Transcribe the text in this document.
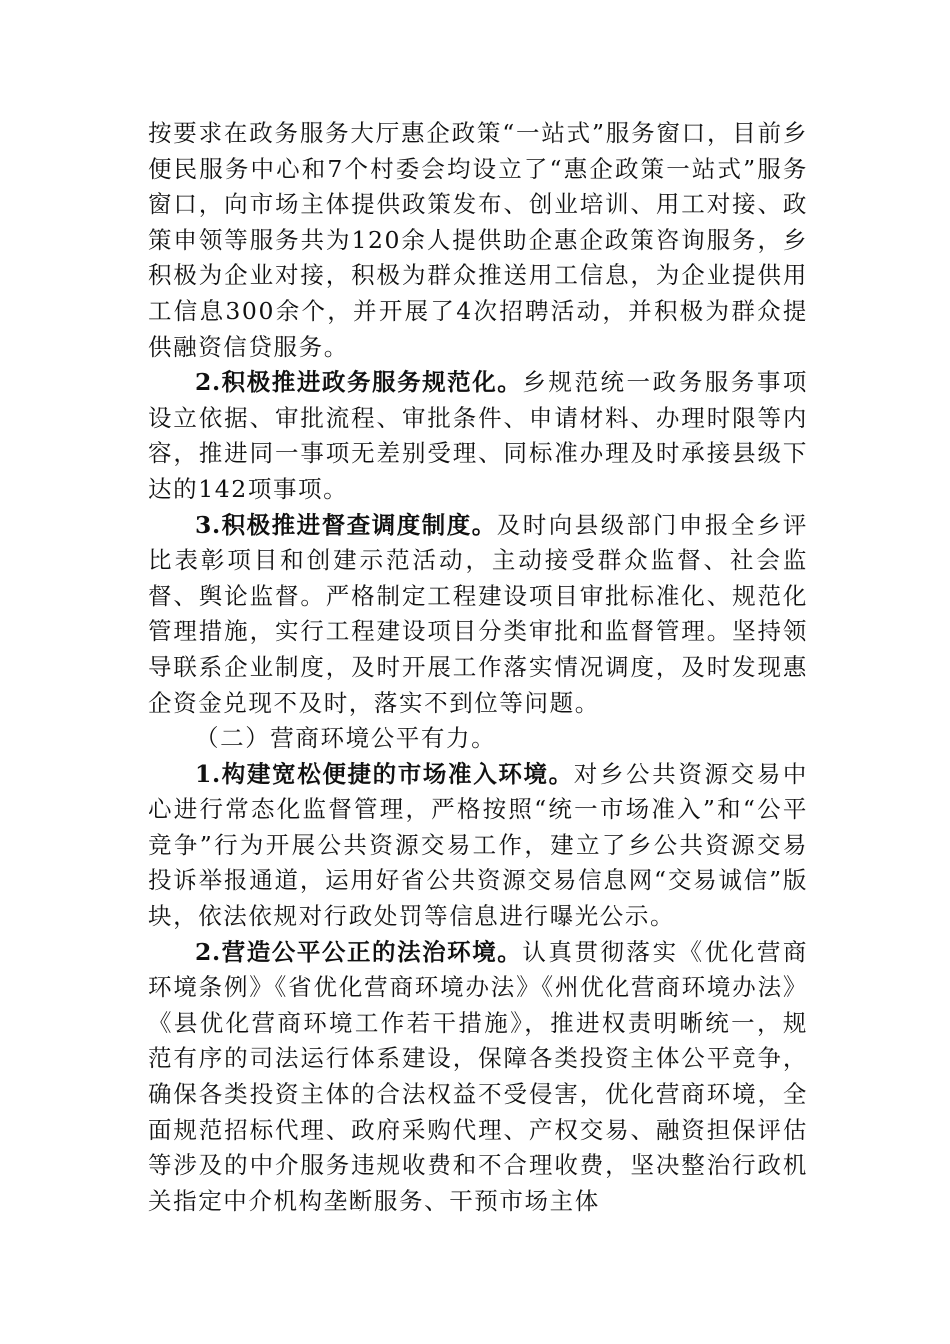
按要求在政务服务大厅惠企政策“一站式”服务窗口，目前乡便民服务中心和7个村委会均设立了“惠企政策一站式”服务窗口，向市场主体提供政策发布、创业培训、用工对接、政策申领等服务共为120余人提供助企惠企政策咨询服务，乡积极为企业对接，积极为群众推送用工信息，为企业提供用工信息300余个，并开展了4次招聘活动，并积极为群众提供融资信贷服务。

2.积极推进政务服务规范化。乡规范统一政务服务事项设立依据、审批流程、审批条件、申请材料、办理时限等内容，推进同一事项无差别受理、同标准办理及时承接县级下达的142项事项。

3.积极推进督查调度制度。及时向县级部门申报全乡评比表彰项目和创建示范活动，主动接受群众监督、社会监督、舆论监督。严格制定工程建设项目审批标准化、规范化管理措施，实行工程建设项目分类审批和监督管理。坚持领导联系企业制度，及时开展工作落实情况调度，及时发现惠企资金兑现不及时，落实不到位等问题。

（二）营商环境公平有力。

1.构建宽松便捷的市场准入环境。对乡公共资源交易中心进行常态化监督管理，严格按照“统一市场准入”和“公平竞争”行为开展公共资源交易工作，建立了乡公共资源交易投诉举报通道，运用好省公共资源交易信息网“交易诚信”版块，依法依规对行政处罚等信息进行曝光公示。

2.营造公平公正的法治环境。认真贯彻落实《优化营商环境条例》《省优化营商环境办法》《州优化营商环境办法》《县优化营商环境工作若干措施》，推进权责明晰统一，规范有序的司法运行体系建设，保障各类投资主体公平竞争，确保各类投资主体的合法权益不受侵害，优化营商环境，全面规范招标代理、政府采购代理、产权交易、融资担保评估等涉及的中介服务违规收费和不合理收费，坚决整治行政机关指定中介机构垄断服务、干预市场主体
